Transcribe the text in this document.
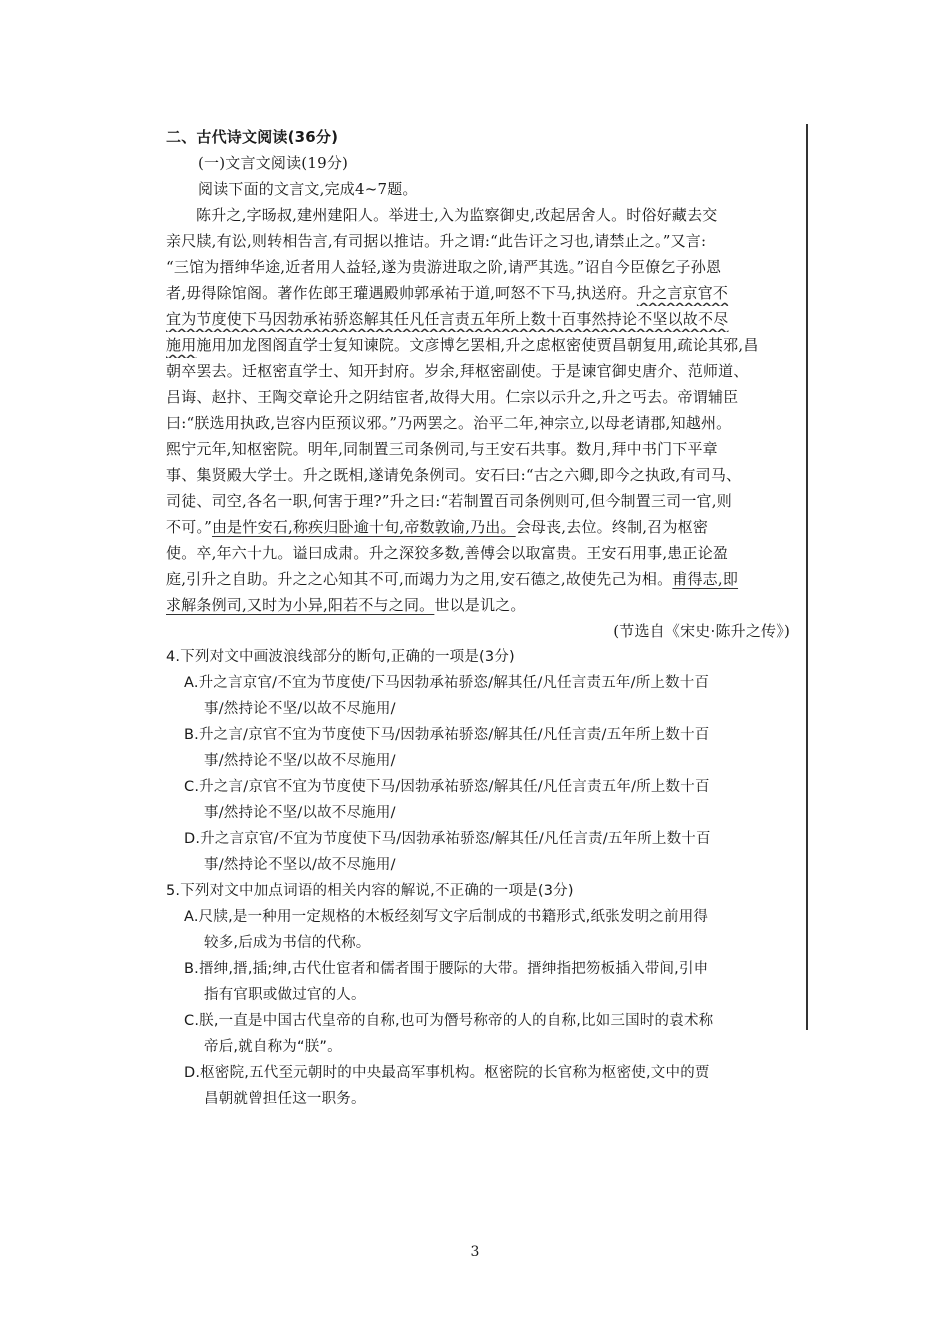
二、古代诗文阅读(36分)
(一)文言文阅读(19分)
阅读下面的文言文,完成4~7题。
陈升之,字旸叔,建州建阳人。举进士,入为监察御史,改起居舍人。时俗好藏去交
亲尺牍,有讼,则转相告言,有司据以推诘。升之谓:“此告讦之习也,请禁止之。”又言:
“三馆为搢绅华途,近者用人益轻,遂为贵游进取之阶,请严其选。”诏自今臣僚乞子孙恩
者,毋得除馆阁。著作佐郎王瓘遇殿帅郭承祐于道,呵怒不下马,执送府。升之言京官不
宜为节度使下马因勃承祐骄恣解其任凡任言责五年所上数十百事然持论不坚以故不尽
施用施用加龙图阁直学士复知谏院。文彦博乞罢相,升之虑枢密使贾昌朝复用,疏论其邪,昌
朝卒罢去。迁枢密直学士、知开封府。岁余,拜枢密副使。于是谏官御史唐介、范师道、
吕诲、赵抃、王陶交章论升之阴结宦者,故得大用。仁宗以示升之,升之丐去。帝谓辅臣
曰:“朕选用执政,岂容内臣预议邪。”乃两罢之。治平二年,神宗立,以母老请郡,知越州。
熙宁元年,知枢密院。明年,同制置三司条例司,与王安石共事。数月,拜中书门下平章
事、集贤殿大学士。升之既相,遂请免条例司。安石曰:“古之六卿,即今之执政,有司马、
司徒、司空,各名一职,何害于理?”升之曰:“若制置百司条例则可,但今制置三司一官,则
不可。”由是忤安石,称疾归卧逾十旬,帝数敦谕,乃出。会母丧,去位。终制,召为枢密
使。卒,年六十九。谥曰成肃。升之深狡多数,善傅会以取富贵。王安石用事,患正论盈
庭,引升之自助。升之之心知其不可,而竭力为之用,安石德之,故使先己为相。甫得志,即
求解条例司,又时为小异,阳若不与之同。世以是讥之。
(节选自《宋史·陈升之传》)
4.下列对文中画波浪线部分的断句,正确的一项是(3分)
A.升之言京官/不宜为节度使/下马因勃承祐骄恣/解其任/凡任言责五年/所上数十百
事/然持论不坚/以故不尽施用/
B.升之言/京官不宜为节度使下马/因勃承祐骄恣/解其任/凡任言责/五年所上数十百
事/然持论不坚/以故不尽施用/
C.升之言/京官不宜为节度使下马/因勃承祐骄恣/解其任/凡任言责五年/所上数十百
事/然持论不坚/以故不尽施用/
D.升之言京官/不宜为节度使下马/因勃承祐骄恣/解其任/凡任言责/五年所上数十百
事/然持论不坚以/故不尽施用/
5.下列对文中加点词语的相关内容的解说,不正确的一项是(3分)
A.尺牍,是一种用一定规格的木板经刻写文字后制成的书籍形式,纸张发明之前用得
较多,后成为书信的代称。
B.搢绅,搢,插;绅,古代仕宦者和儒者围于腰际的大带。搢绅指把笏板插入带间,引申
指有官职或做过官的人。
C.朕,一直是中国古代皇帝的自称,也可为僭号称帝的人的自称,比如三国时的袁术称
帝后,就自称为“朕”。
D.枢密院,五代至元朝时的中央最高军事机构。枢密院的长官称为枢密使,文中的贾
昌朝就曾担任这一职务。
3
